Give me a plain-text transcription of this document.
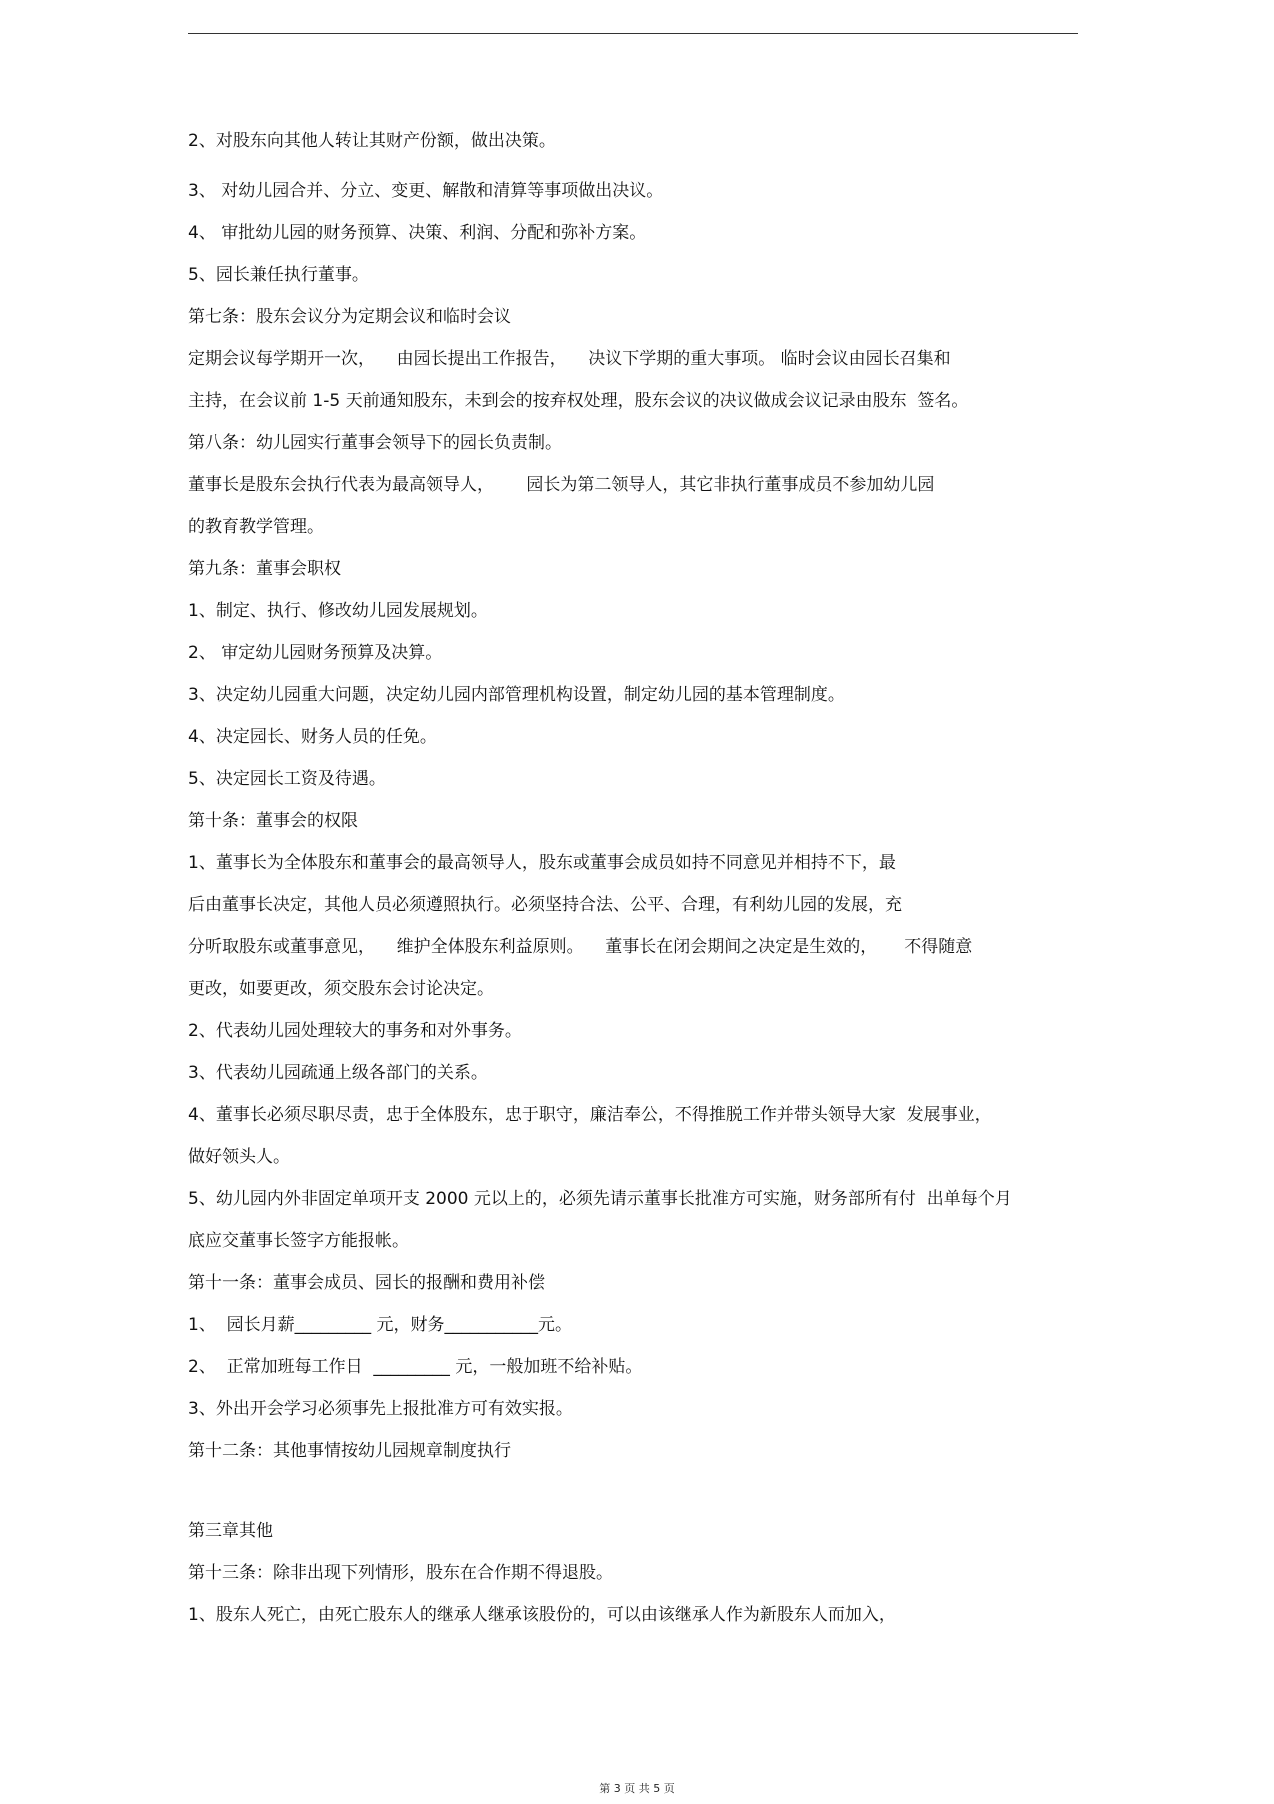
2、对股东向其他人转让其财产份额，做出决策。

3、 对幼儿园合并、分立、变更、解散和清算等事项做出决议。

4、 审批幼儿园的财务预算、决策、利润、分配和弥补方案。

5、园长兼任执行董事。

第七条：股东会议分为定期会议和临时会议

定期会议每学期开一次，    由园长提出工作报告，    决议下学期的重大事项。 临时会议由园长召集和

主持，在会议前 1-5 天前通知股东，未到会的按弃权处理，股东会议的决议做成会议记录由股东  签名。

第八条：幼儿园实行董事会领导下的园长负责制。

董事长是股东会执行代表为最高领导人，      园长为第二领导人，其它非执行董事成员不参加幼儿园

的教育教学管理。

第九条：董事会职权

1、制定、执行、修改幼儿园发展规划。

2、 审定幼儿园财务预算及决算。

3、决定幼儿园重大问题，决定幼儿园内部管理机构设置，制定幼儿园的基本管理制度。

4、决定园长、财务人员的任免。

5、决定园长工资及待遇。

第十条：董事会的权限

1、董事长为全体股东和董事会的最高领导人，股东或董事会成员如持不同意见并相持不下，最

后由董事长决定，其他人员必须遵照执行。必须坚持合法、公平、合理，有利幼儿园的发展，充

分听取股东或董事意见，    维护全体股东利益原则。    董事长在闭会期间之决定是生效的，     不得随意

更改，如要更改，须交股东会讨论决定。

2、代表幼儿园处理较大的事务和对外事务。

3、代表幼儿园疏通上级各部门的关系。

4、董事长必须尽职尽责，忠于全体股东，忠于职守，廉洁奉公，不得推脱工作并带头领导大家  发展事业，

做好领头人。

5、幼儿园内外非固定单项开支 2000 元以上的，必须先请示董事长批准方可实施，财务部所有付  出单每个月

底应交董事长签字方能报帐。

第十一条：董事会成员、园长的报酬和费用补偿

1、  园长月薪_________ 元，财务___________元。

2、  正常加班每工作日  _________ 元，一般加班不给补贴。

3、外出开会学习必须事先上报批准方可有效实报。

第十二条：其他事情按幼儿园规章制度执行

第三章其他

第十三条：除非出现下列情形，股东在合作期不得退股。

1、股东人死亡，由死亡股东人的继承人继承该股份的，可以由该继承人作为新股东人而加入，

第 3 页 共 5 页
